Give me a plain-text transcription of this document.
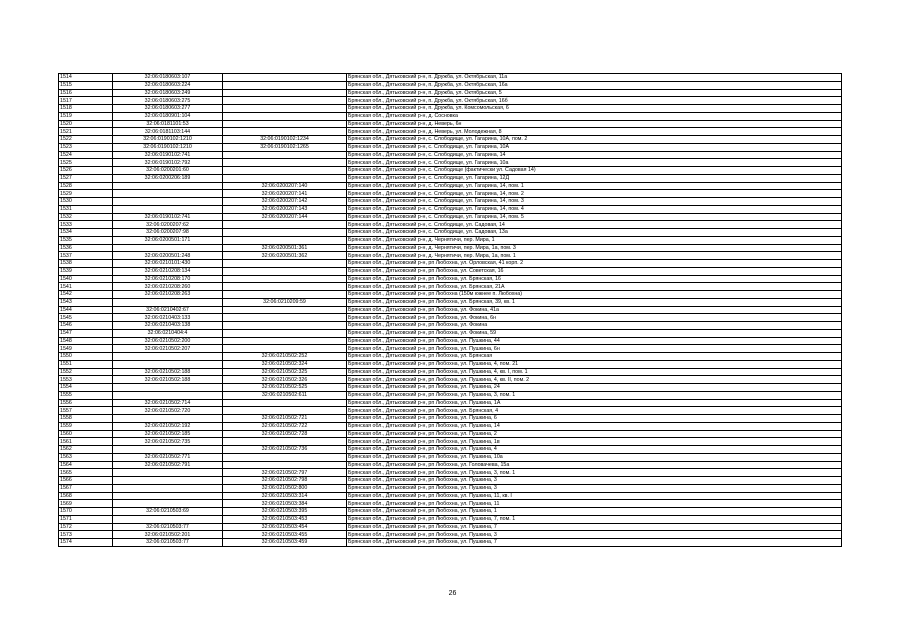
1514	32:06:0180603:107		Брянская обл., Дятьковский р-н, п. Дружба, ул. Октябрьская, 11а
1515	32:06:0180603:224		Брянская обл., Дятьковский р-н, п. Дружба, ул. Октябрьская, 16а
1516	32:06:0180603:249		Брянская обл., Дятьковский р-н, п. Дружба, ул. Октябрьская, 5
1517	32:06:0180603:275		Брянская обл., Дятьковский р-н, п. Дружба, ул. Октябрьская, 16б
1518	32:06:0180603:277		Брянская обл., Дятьковский р-н, п. Дружба, ул. Комсомольская, 6
1519	32:06:0180901:104		Брянская обл., Дятьковский р-н, д. Сосновка
1520	32:06:0181101:53		Брянская обл., Дятьковский р-н, д. Неверь, 6н
1521	32:06:0181103:144		Брянская обл., Дятьковский р-н, д. Неверь, ул. Молодежная, 8
1522	32:06:0190102:1210	32:06:0190102:1234	Брянская обл., Дятьковский р-н, с. Слободище, ул. Гагарина, 10А, пом. 2
1523	32:06:0190102:1210	32:06:0190102:1265	Брянская обл., Дятьковский р-н, с. Слободище, ул. Гагарина, 10А
1524	32:06:0190102:741		Брянская обл., Дятьковский р-н, с. Слободище, ул. Гагарина, 14
1525	32:06:0190102:792		Брянская обл., Дятьковский р-н, с. Слободище, ул. Гагарина, 10а
1526	32:06:0200201:60		Брянская обл., Дятьковский р-н, с. Слободище (фактически ул. Садовая 14)
1527	32:06:0200206:189		Брянская обл., Дятьковский р-н, с. Слободище, ул. Гагарина, 12Д
1528		32:06:0200207:140	Брянская обл., Дятьковский р-н, с. Слободище, ул. Гагарина, 14, пом. 1
1529		32:06:0200207:141	Брянская обл., Дятьковский р-н, с. Слободище, ул. Гагарина, 14, пом. 2
1530		32:06:0200207:142	Брянская обл., Дятьковский р-н, с. Слободище, ул. Гагарина, 14, пом. 3
1531		32:06:0200207:143	Брянская обл., Дятьковский р-н, с. Слободище, ул. Гагарина, 14, пом. 4
1532	32:06:0190102:741	32:06:0200207:144	Брянская обл., Дятьковский р-н, с. Слободище, ул. Гагарина, 14, пом. 5
1533	32:06:0200207:62		Брянская обл., Дятьковский р-н, с. Слободище, ул. Садовая, 14
1534	32:06:0200207:98		Брянская обл., Дятьковский р-н, с. Слободище, ул. Садовая, 13а
1535	32:06:0200501:171		Брянская обл., Дятьковский р-н, д. Чернятичи, пер. Мира, 1
1536		32:06:0200501:361	Брянская обл., Дятьковский р-н, д. Чернятичи, пер. Мира, 1а, пом. 3
1537	32:06:0200501:248	32:06:0200501:362	Брянская обл., Дятьковский р-н, д. Чернятичи, пер. Мира, 1а, пом. 1
1538	32:06:0210101:430		Брянская обл., Дятьковский р-н, рп Любохна, ул. Орловская, 41 корп. 2
1539	32:06:0210208:134		Брянская обл., Дятьковский р-н, рп Любохна, ул. Советская, 16
1540	32:06:0210208:170		Брянская обл., Дятьковский р-н, рп Любохна, ул. Брянская, 16
1541	32:06:0210208:260		Брянская обл., Дятьковский р-н, рп Любохна, ул. Брянская, 21А
1542	32:06:0210208:263		Брянская обл., Дятьковский р-н, рп Любохна (150м южнее п. Любохна)
1543		32:06:0210209:59	Брянская обл., Дятьковский р-н, рп Любохна, ул. Брянская, 39, кв. 1
1544	32:06:0210402:67		Брянская обл., Дятьковский р-н, рп Любохна, ул. Фокина, 41а
1545	32:06:0210403:133		Брянская обл., Дятьковский р-н, рп Любохна, ул. Фокина, 6н
1546	32:06:0210403:138		Брянская обл., Дятьковский р-н, рп Любохна, ул. Фокина
1547	32:06:0210404:4		Брянская обл., Дятьковский р-н, рп Любохна, ул. Фокина, 59
1548	32:06:0210502:200		Брянская обл., Дятьковский р-н, рп Любохна, ул. Пушкина, 44
1549	32:06:0210502:207		Брянская обл., Дятьковский р-н, рп Любохна, ул. Пушкина, 6н
1550		32:06:0210502:252	Брянская обл., Дятьковский р-н, рп Любохна, ул. Брянская
1551		32:06:0210502:324	Брянская обл., Дятьковский р-н, рп Любохна, ул. Пушкина, 4, пом. 21
1552	32:06:0210502:188	32:06:0210502:325	Брянская обл., Дятьковский р-н, рп Любохна, ул. Пушкина, 4, кв. I, пом. 1
1553	32:06:0210502:188	32:06:0210502:326	Брянская обл., Дятьковский р-н, рп Любохна, ул. Пушкина, 4, кв. II, пом. 2
1554		32:06:0210502:525	Брянская обл., Дятьковский р-н, рп Любохна, ул. Пушкина, 24
1555		32:06:0210502:611	Брянская обл., Дятьковский р-н, рп Любохна, ул. Пушкина, 3, пом. 1
1556	32:06:0210502:714		Брянская обл., Дятьковский р-н, рп Любохна, ул. Пушкина, 1А
1557	32:06:0210502:720		Брянская обл., Дятьковский р-н, рп Любохна, ул. Брянская, 4
1558		32:06:0210502:721	Брянская обл., Дятьковский р-н, рп Любохна, ул. Пушкина, 6
1559	32:06:0210502:192	32:06:0210502:722	Брянская обл., Дятьковский р-н, рп Любохна, ул. Пушкина, 14
1560	32:06:0210502:185	32:06:0210502:728	Брянская обл., Дятьковский р-н, рп Любохна, ул. Пушкина, 2
1561	32:06:0210502:735		Брянская обл., Дятьковский р-н, рп Любохна, ул. Пушкина, 1в
1562		32:06:0210502:736	Брянская обл., Дятьковский р-н, рп Любохна, ул. Пушкина, 4
1563	32:06:0210502:771		Брянская обл., Дятьковский р-н, рп Любохна, ул. Пушкина, 10а
1564	32:06:0210502:791		Брянская обл., Дятьковский р-н, рп Любохна, ул. Головачева, 15а
1565		32:06:0210502:797	Брянская обл., Дятьковский р-н, рп Любохна, ул. Пушкина, 3, пом. 1
1566		32:06:0210502:798	Брянская обл., Дятьковский р-н, рп Любохна, ул. Пушкина, 3
1567		32:06:0210502:800	Брянская обл., Дятьковский р-н, рп Любохна, ул. Пушкина, 3
1568		32:06:0210503:314	Брянская обл., Дятьковский р-н, рп Любохна, ул. Пушкина, 11, кв. I
1569		32:06:0210503:384	Брянская обл., Дятьковский р-н, рп Любохна, ул. Пушкина, 11
1570	32:06:0210503:69	32:06:0210503:395	Брянская обл., Дятьковский р-н, рп Любохна, ул. Пушкина, 1
1571		32:06:0210503:453	Брянская обл., Дятьковский р-н, рп Любохна, ул. Пушкина, 7, пом. 1
1572	32:06:0210503:77	32:06:0210503:454	Брянская обл., Дятьковский р-н, рп Любохна, ул. Пушкина, 7
1573	32:06:0210502:201	32:06:0210503:455	Брянская обл., Дятьковский р-н, рп Любохна, ул. Пушкина, 3
1574	32:06:0210503:77	32:06:0210503:459	Брянская обл., Дятьковский р-н, рп Любохна, ул. Пушкина, 7
26
